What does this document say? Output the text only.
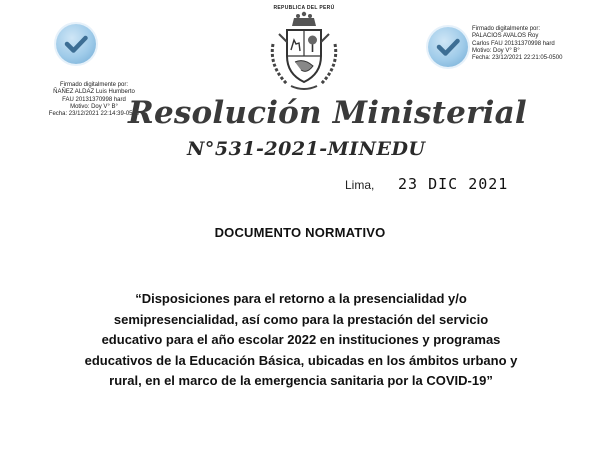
Firmado digitalmente por:
ÑAÑEZ ALDAZ Luis Humberto
FAU 20131370998 hard
Motivo: Doy V° B°
Fecha: 23/12/2021 22:14:39-0500
REPUBLICA DEL PERÚ
Firmado digitalmente por:
PALACIOS AVALOS Roy
Carlos FAU 20131370998 hard
Motivo: Doy V° B°
Fecha: 23/12/2021 22:21:05-0500
Resolución Ministerial
N°531-2021-MINEDU
Lima, 23 DIC 2021
DOCUMENTO NORMATIVO
“Disposiciones para el retorno a la presencialidad y/o
semipresencialidad, así como para la prestación del servicio
educativo para el año escolar 2022 en instituciones y programas
educativos de la Educación Básica, ubicadas en los ámbitos urbano y
rural, en el marco de la emergencia sanitaria por la COVID-19”
